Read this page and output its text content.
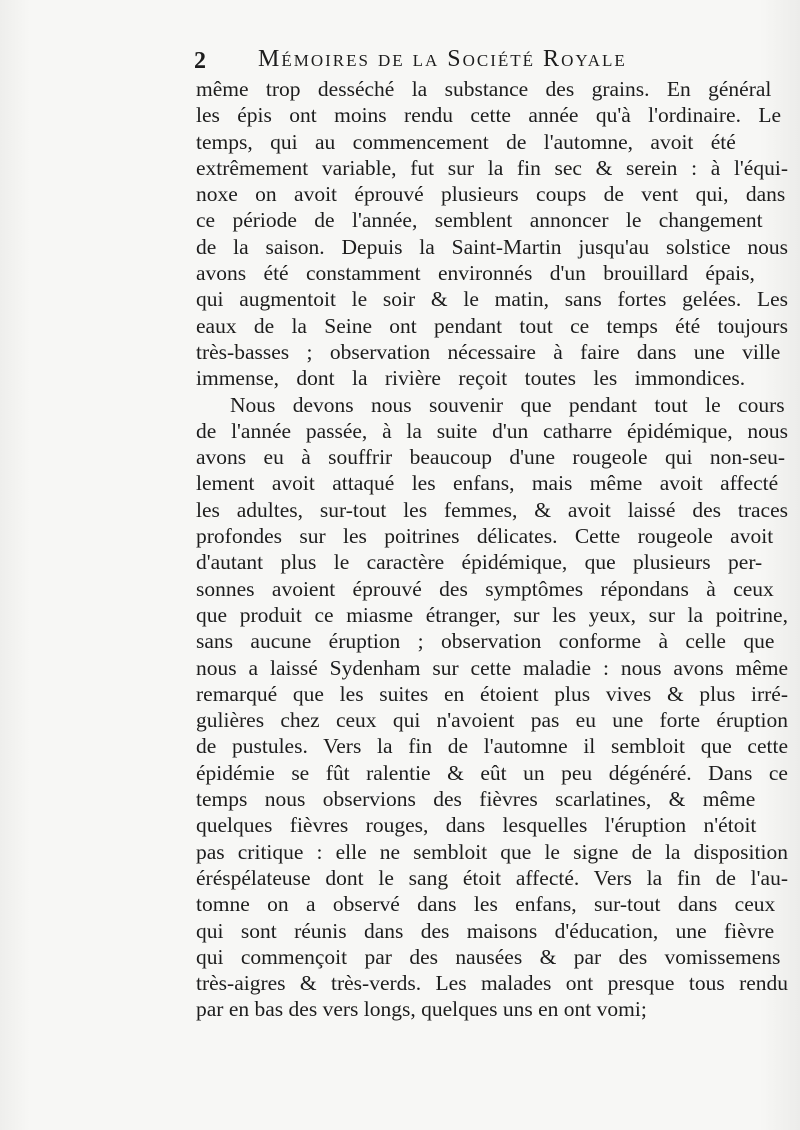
2 Mémoires de la Société Royale
même trop desséché la substance des grains. En général
les épis ont moins rendu cette année qu'à l'ordinaire. Le
temps, qui au commencement de l'automne, avoit été
extrêmement variable, fut sur la fin sec & serein : à l'équi-
noxe on avoit éprouvé plusieurs coups de vent qui, dans
ce période de l'année, semblent annoncer le changement
de la saison. Depuis la Saint-Martin jusqu'au solstice nous
avons été constamment environnés d'un brouillard épais,
qui augmentoit le soir & le matin, sans fortes gelées. Les
eaux de la Seine ont pendant tout ce temps été toujours
très-basses ; observation nécessaire à faire dans une ville
immense, dont la rivière reçoit toutes les immondices.
Nous devons nous souvenir que pendant tout le cours
de l'année passée, à la suite d'un catharre épidémique, nous
avons eu à souffrir beaucoup d'une rougeole qui non-seu-
lement avoit attaqué les enfans, mais même avoit affecté
les adultes, sur-tout les femmes, & avoit laissé des traces
profondes sur les poitrines délicates. Cette rougeole avoit
d'autant plus le caractère épidémique, que plusieurs per-
sonnes avoient éprouvé des symptômes répondans à ceux
que produit ce miasme étranger, sur les yeux, sur la poitrine,
sans aucune éruption ; observation conforme à celle que
nous a laissé Sydenham sur cette maladie : nous avons même
remarqué que les suites en étoient plus vives & plus irré-
gulières chez ceux qui n'avoient pas eu une forte éruption
de pustules. Vers la fin de l'automne il sembloit que cette
épidémie se fût ralentie & eût un peu dégénéré. Dans ce
temps nous observions des fièvres scarlatines, & même
quelques fièvres rouges, dans lesquelles l'éruption n'étoit
pas critique : elle ne sembloit que le signe de la disposition
éréspélateuse dont le sang étoit affecté. Vers la fin de l'au-
tomne on a observé dans les enfans, sur-tout dans ceux
qui sont réunis dans des maisons d'éducation, une fièvre
qui commençoit par des nausées & par des vomissemens
très-aigres & très-verds. Les malades ont presque tous rendu
par en bas des vers longs, quelques uns en ont vomi;
